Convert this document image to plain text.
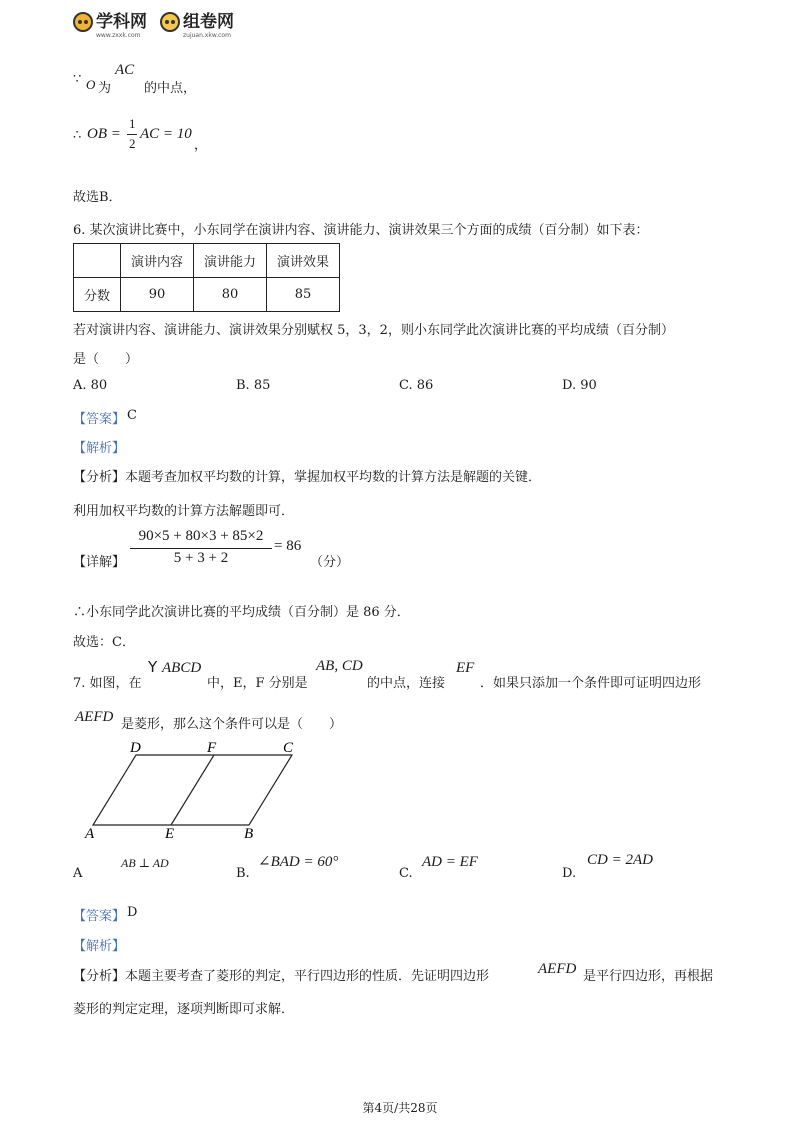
学科网
www.zxxk.com
组卷网
zujuan.xkw.com
∵ O 为
AC
的中点，
∴ OB =
1
2
AC = 10
，
故选B．
6. 某次演讲比赛中，小东同学在演讲内容、演讲能力、演讲效果三个方面的成绩（百分制）如下表：
	演讲内容	演讲能力	演讲效果
分数	90	80	85
若对演讲内容、演讲能力、演讲效果分别赋权 5，3，2，则小东同学此次演讲比赛的平均成绩（百分制）
是（　　）
A. 80	B. 85	C. 86	D. 90
【答案】 C
【解析】
【分析】 本题考查加权平均数的计算，掌握加权平均数的计算方法是解题的关键．
利用加权平均数的计算方法解题即可．
【详解】
90×5 + 80×3 + 85×2
5 + 3 + 2
= 86
（分）
∴小东同学此次演讲比赛的平均成绩（百分制）是 86 分．
故选：C．
7. 如图，在
Y ABCD
中，E，F 分别是
AB, CD
的中点，连接
EF
．如果只添加一个条件即可证明四边形
AEFD 是菱形，那么这个条件可以是（　　）
D	F	C
A	E	B
A
AB ⊥ AD
B.
∠BAD = 60°
C.
AD = EF
D.
CD = 2AD
【答案】 D
【解析】
【分析】 本题主要考查了菱形的判定，平行四边形的性质．先证明四边形	AEFD 是平行四边形，再根据
菱形的判定定理，逐项判断即可求解．
第4页/共28页
